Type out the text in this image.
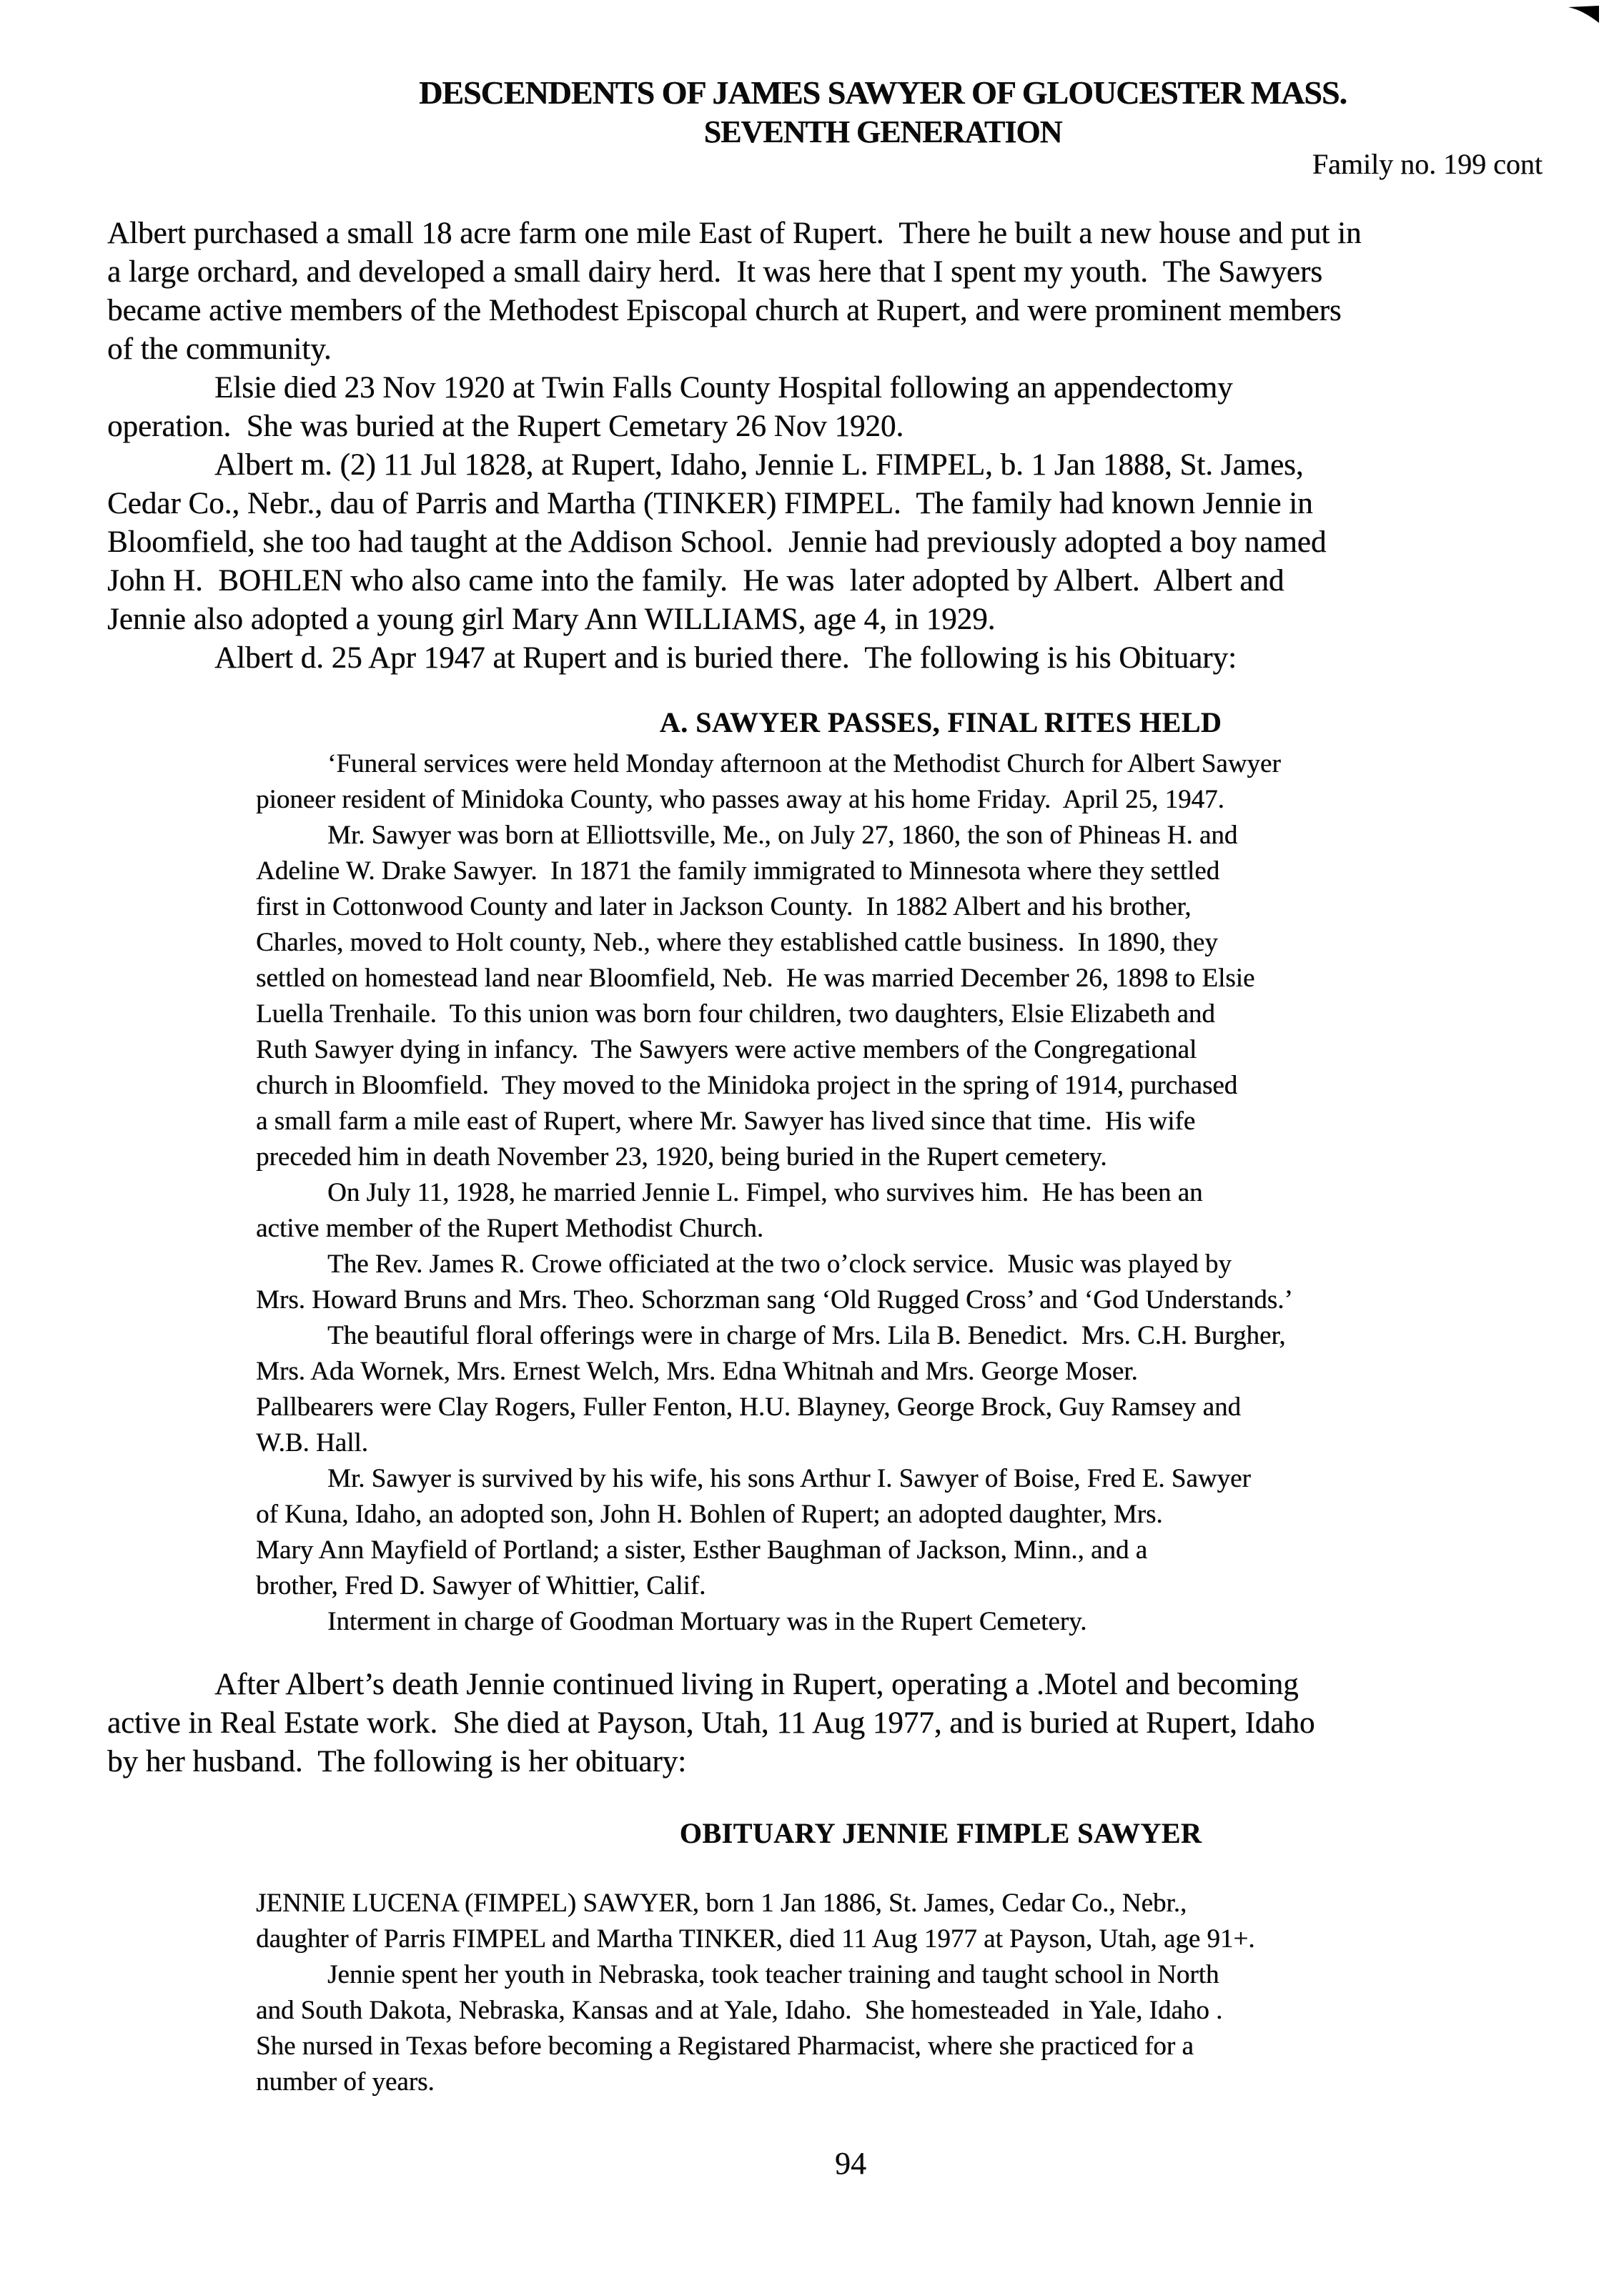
DESCENDENTS OF JAMES SAWYER OF GLOUCESTER MASS.
SEVENTH GENERATION
Family no. 199 cont
Albert purchased a small 18 acre farm one mile East of Rupert.  There he built a new house and put in
a large orchard, and developed a small dairy herd.  It was here that I spent my youth.  The Sawyers
became active members of the Methodest Episcopal church at Rupert, and were prominent members
of the community.
Elsie died 23 Nov 1920 at Twin Falls County Hospital following an appendectomy
operation.  She was buried at the Rupert Cemetary 26 Nov 1920.
Albert m. (2) 11 Jul 1828, at Rupert, Idaho, Jennie L. FIMPEL, b. 1 Jan 1888, St. James,
Cedar Co., Nebr., dau of Parris and Martha (TINKER) FIMPEL.  The family had known Jennie in
Bloomfield, she too had taught at the Addison School.  Jennie had previously adopted a boy named
John H.  BOHLEN who also came into the family.  He was  later adopted by Albert.  Albert and
Jennie also adopted a young girl Mary Ann WILLIAMS, age 4, in 1929.
Albert d. 25 Apr 1947 at Rupert and is buried there.  The following is his Obituary:
A. SAWYER PASSES, FINAL RITES HELD
‘Funeral services were held Monday afternoon at the Methodist Church for Albert Sawyer
pioneer resident of Minidoka County, who passes away at his home Friday.  April 25, 1947.
Mr. Sawyer was born at Elliottsville, Me., on July 27, 1860, the son of Phineas H. and
Adeline W. Drake Sawyer.  In 1871 the family immigrated to Minnesota where they settled
first in Cottonwood County and later in Jackson County.  In 1882 Albert and his brother,
Charles, moved to Holt county, Neb., where they established cattle business.  In 1890, they
settled on homestead land near Bloomfield, Neb.  He was married December 26, 1898 to Elsie
Luella Trenhaile.  To this union was born four children, two daughters, Elsie Elizabeth and
Ruth Sawyer dying in infancy.  The Sawyers were active members of the Congregational
church in Bloomfield.  They moved to the Minidoka project in the spring of 1914, purchased
a small farm a mile east of Rupert, where Mr. Sawyer has lived since that time.  His wife
preceded him in death November 23, 1920, being buried in the Rupert cemetery.
On July 11, 1928, he married Jennie L. Fimpel, who survives him.  He has been an
active member of the Rupert Methodist Church.
The Rev. James R. Crowe officiated at the two o’clock service.  Music was played by
Mrs. Howard Bruns and Mrs. Theo. Schorzman sang ‘Old Rugged Cross’ and ‘God Understands.’
The beautiful floral offerings were in charge of Mrs. Lila B. Benedict.  Mrs. C.H. Burgher,
Mrs. Ada Wornek, Mrs. Ernest Welch, Mrs. Edna Whitnah and Mrs. George Moser.
Pallbearers were Clay Rogers, Fuller Fenton, H.U. Blayney, George Brock, Guy Ramsey and
W.B. Hall.
Mr. Sawyer is survived by his wife, his sons Arthur I. Sawyer of Boise, Fred E. Sawyer
of Kuna, Idaho, an adopted son, John H. Bohlen of Rupert; an adopted daughter, Mrs.
Mary Ann Mayfield of Portland; a sister, Esther Baughman of Jackson, Minn., and a
brother, Fred D. Sawyer of Whittier, Calif.
Interment in charge of Goodman Mortuary was in the Rupert Cemetery.
After Albert’s death Jennie continued living in Rupert, operating a .Motel and becoming
active in Real Estate work.  She died at Payson, Utah, 11 Aug 1977, and is buried at Rupert, Idaho
by her husband.  The following is her obituary:
OBITUARY JENNIE FIMPLE SAWYER
JENNIE LUCENA (FIMPEL) SAWYER, born 1 Jan 1886, St. James, Cedar Co., Nebr.,
daughter of Parris FIMPEL and Martha TINKER, died 11 Aug 1977 at Payson, Utah, age 91+.
Jennie spent her youth in Nebraska, took teacher training and taught school in North
and South Dakota, Nebraska, Kansas and at Yale, Idaho.  She homesteaded  in Yale, Idaho .
She nursed in Texas before becoming a Registared Pharmacist, where she practiced for a
number of years.
94
